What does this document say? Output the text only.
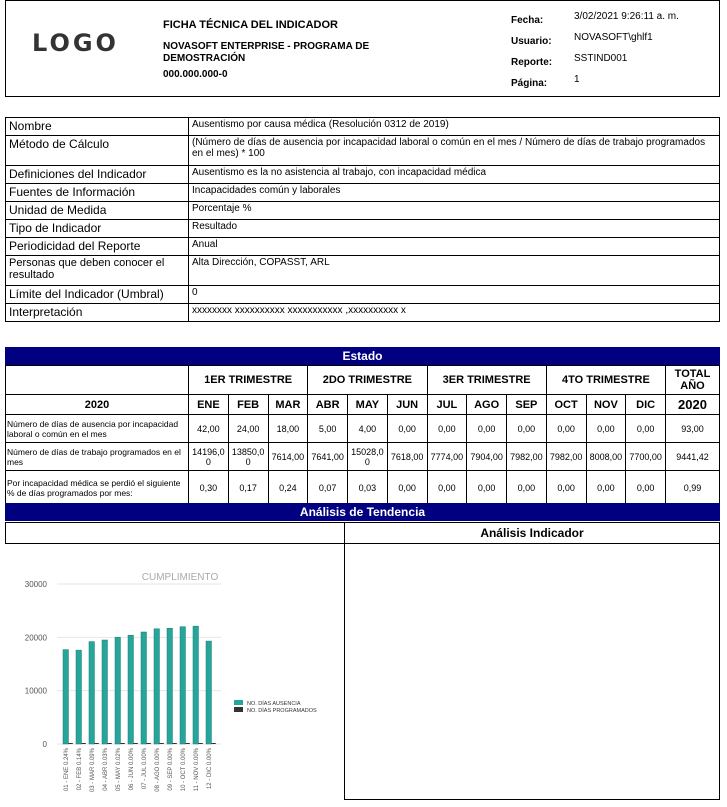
LOGO
FICHA TÉCNICA DEL INDICADOR
NOVASOFT ENTERPRISE - PROGRAMA DE DEMOSTRACIÓN
000.000.000-0
Fecha:	3/02/2021 9:26:11 a. m.
Usuario: NOVASOFT\ghlf1
Reporte: SSTIND001
Página:	1
Nombre	Ausentismo por causa médica (Resolución 0312 de 2019)
Método de Cálculo	(Número de días de ausencia por incapacidad laboral o común en el mes / Número de días de trabajo programados en el mes) * 100
Definiciones del Indicador	Ausentismo es la no asistencia al trabajo, con incapacidad médica
Fuentes de Información	Incapacidades común y laborales
Unidad de Medida	Porcentaje %
Tipo de Indicador	Resultado
Periodicidad del Reporte	Anual
Personas que deben conocer el resultado	Alta Dirección, COPASST, ARL
Límite del Indicador (Umbral)	0
Interpretación	xxxxxxxx xxxxxxxxxx xxxxxxxxxxx ,xxxxxxxxxx x
Estado
	1ER TRIMESTRE			2DO TRIMESTRE			3ER TRIMESTRE			4TO TRIMESTRE			TOTAL AÑO
2020	ENE	FEB	MAR	ABR	MAY	JUN	JUL	AGO	SEP	OCT	NOV	DIC	2020
Número de días de ausencia por incapacidad laboral o común en el mes	42,00	24,00	18,00	5,00	4,00	0,00	0,00	0,00	0,00	0,00	0,00	0,00	93,00
Número de días de trabajo programados en el mes	14196,00	13850,00	7614,00	7641,00	15028,00	7618,00	7774,00	7904,00	7982,00	7982,00	8008,00	7700,00	9441,42
Por incapacidad médica se perdió el siguiente % de días programados por mes:	0,30	0,17	0,24	0,07	0,03	0,00	0,00	0,00	0,00	0,00	0,00	0,00	0,99
Análisis de Tendencia
CUMPLIMIENTO
0
10000
20000
30000
01 - ENE 0.24% 02 - FEB 0.14% 03 - MAR 0.09% 04 - ABR 0.03% 05 - MAY 0.02% 06 - JUN 0.00% 07 - JUL 0.00% 08 - AGO 0.00% 09 - SEP 0.00% 10 - OCT 0.00% 11 - NOV 0.00% 12 - DIC 0.00%
NO. DÍAS AUSENCIA
NO. DÍAS PROGRAMADOS
Análisis Indicador
